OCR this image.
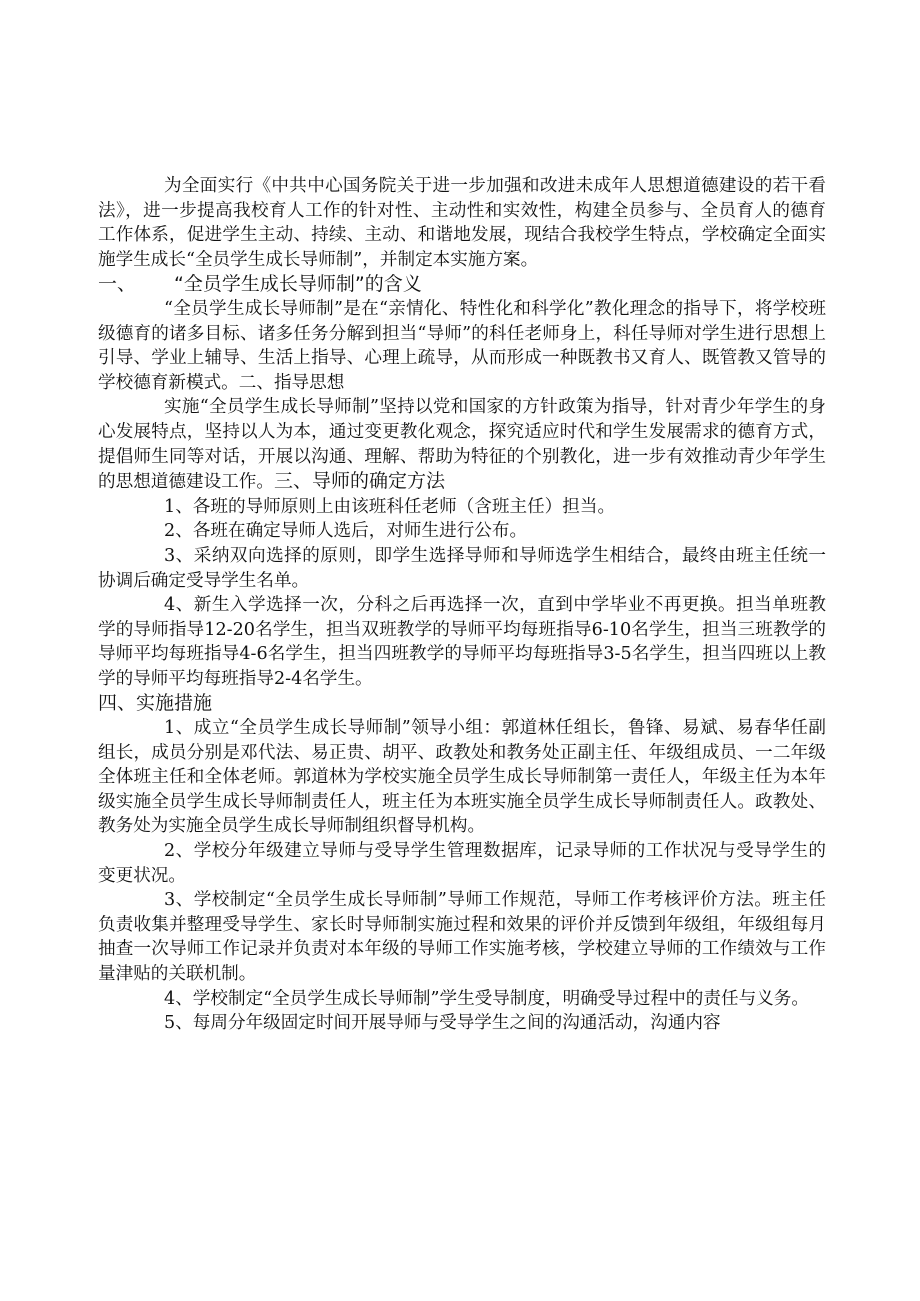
为全面实行《中共中心国务院关于进一步加强和改进未成年人思想道德建设的若干看法》，进一步提高我校育人工作的针对性、主动性和实效性，构建全员参与、全员育人的德育工作体系，促进学生主动、持续、主动、和谐地发展，现结合我校学生特点，学校确定全面实施学生成长“全员学生成长导师制”，并制定本实施方案。

一、 “全员学生成长导师制”的含义

“全员学生成长导师制”是在“亲情化、特性化和科学化”教化理念的指导下，将学校班级德育的诸多目标、诸多任务分解到担当“导师”的科任老师身上，科任导师对学生进行思想上引导、学业上辅导、生活上指导、心理上疏导，从而形成一种既教书又育人、既管教又管导的学校德育新模式。二、指导思想

实施“全员学生成长导师制”坚持以党和国家的方针政策为指导，针对青少年学生的身心发展特点，坚持以人为本，通过变更教化观念，探究适应时代和学生发展需求的德育方式，提倡师生同等对话，开展以沟通、理解、帮助为特征的个别教化，进一步有效推动青少年学生的思想道德建设工作。三、导师的确定方法

1、各班的导师原则上由该班科任老师（含班主任）担当。

2、各班在确定导师人选后，对师生进行公布。

3、采纳双向选择的原则，即学生选择导师和导师选学生相结合，最终由班主任统一协调后确定受导学生名单。

4、新生入学选择一次，分科之后再选择一次，直到中学毕业不再更换。担当单班教学的导师指导12-20名学生，担当双班教学的导师平均每班指导6-10名学生，担当三班教学的导师平均每班指导4-6名学生，担当四班教学的导师平均每班指导3-5名学生，担当四班以上教学的导师平均每班指导2-4名学生。

四、实施措施

1、成立“全员学生成长导师制”领导小组：郭道林任组长，鲁锋、易斌、易春华任副组长，成员分别是邓代法、易正贵、胡平、政教处和教务处正副主任、年级组成员、一二年级全体班主任和全体老师。郭道林为学校实施全员学生成长导师制第一责任人，年级主任为本年级实施全员学生成长导师制责任人，班主任为本班实施全员学生成长导师制责任人。政教处、教务处为实施全员学生成长导师制组织督导机构。

2、学校分年级建立导师与受导学生管理数据库，记录导师的工作状况与受导学生的变更状况。

3、学校制定“全员学生成长导师制”导师工作规范，导师工作考核评价方法。班主任负责收集并整理受导学生、家长时导师制实施过程和效果的评价并反馈到年级组，年级组每月抽查一次导师工作记录并负责对本年级的导师工作实施考核，学校建立导师的工作绩效与工作量津贴的关联机制。

4、学校制定“全员学生成长导师制”学生受导制度，明确受导过程中的责任与义务。

5、每周分年级固定时间开展导师与受导学生之间的沟通活动，沟通内容
